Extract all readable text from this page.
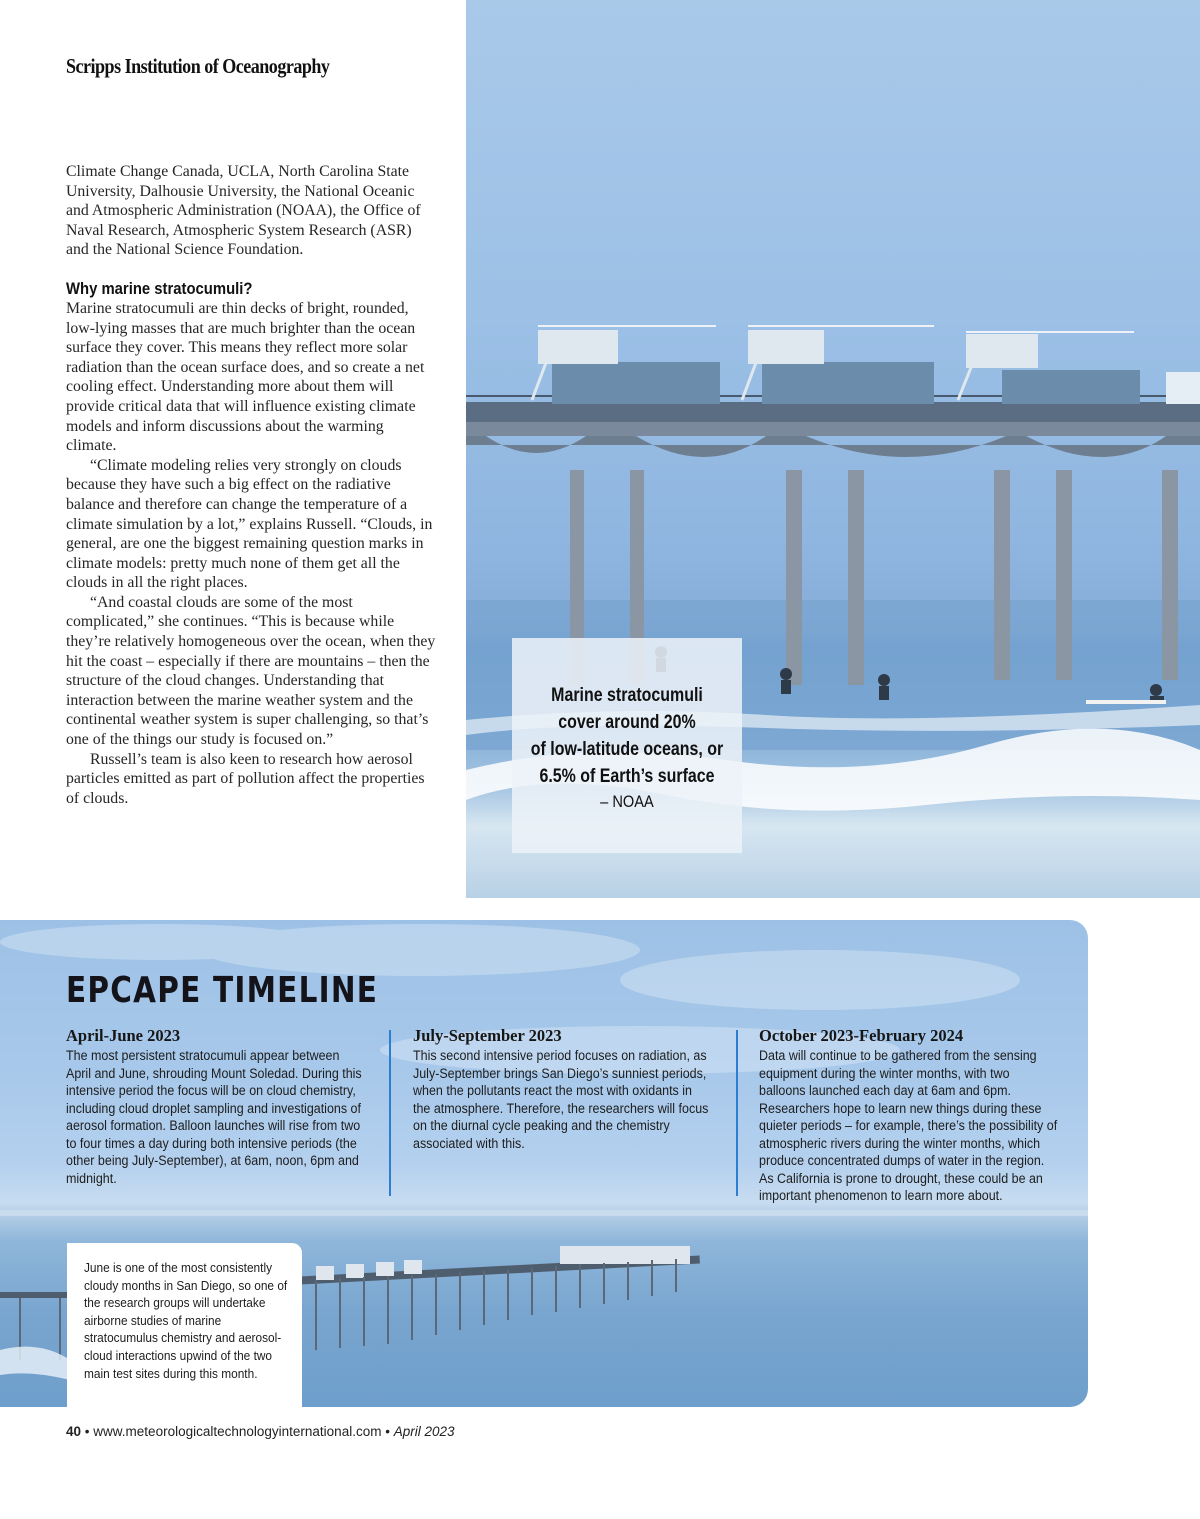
Scripps Institution of Oceanography

Climate Change Canada, UCLA, North Carolina State University, Dalhousie University, the National Oceanic and Atmospheric Administration (NOAA), the Office of Naval Research, Atmospheric System Research (ASR) and the National Science Foundation.

Why marine stratocumuli?

Marine stratocumuli are thin decks of bright, rounded, low-lying masses that are much brighter than the ocean surface they cover. This means they reflect more solar radiation than the ocean surface does, and so create a net cooling effect. Understanding more about them will provide critical data that will influence existing climate models and inform discussions about the warming climate.

“Climate modeling relies very strongly on clouds because they have such a big effect on the radiative balance and therefore can change the temperature of a climate simulation by a lot,” explains Russell. “Clouds, in general, are one the biggest remaining question marks in climate models: pretty much none of them get all the clouds in all the right places.

“And coastal clouds are some of the most complicated,” she continues. “This is because while they’re relatively homogeneous over the ocean, when they hit the coast – especially if there are mountains – then the structure of the cloud changes. Understanding that interaction between the marine weather system and the continental weather system is super challenging, so that’s one of the things our study is focused on.”

Russell’s team is also keen to research how aerosol particles emitted as part of pollution affect the properties of clouds.

Marine stratocumuli
cover around 20%
of low-latitude oceans, or
6.5% of Earth’s surface
– NOAA
EPCAPE TIMELINE
April-June 2023
The most persistent stratocumuli appear between April and June, shrouding Mount Soledad. During this intensive period the focus will be on cloud chemistry, including cloud droplet sampling and investigations of aerosol formation. Balloon launches will rise from two to four times a day during both intensive periods (the other being July-September), at 6am, noon, 6pm and midnight.
July-September 2023
This second intensive period focuses on radiation, as July-September brings San Diego’s sunniest periods, when the pollutants react the most with oxidants in the atmosphere. Therefore, the researchers will focus on the diurnal cycle peaking and the chemistry associated with this.
October 2023-February 2024
Data will continue to be gathered from the sensing equipment during the winter months, with two balloons launched each day at 6am and 6pm. Researchers hope to learn new things during these quieter periods – for example, there’s the possibility of atmospheric rivers during the winter months, which produce concentrated dumps of water in the region. As California is prone to drought, these could be an important phenomenon to learn more about.
June is one of the most consistently cloudy months in San Diego, so one of the research groups will undertake airborne studies of marine stratocumulus chemistry and aerosol-cloud interactions upwind of the two main test sites during this month.
40 • www.meteorologicaltechnologyinternational.com • April 2023
